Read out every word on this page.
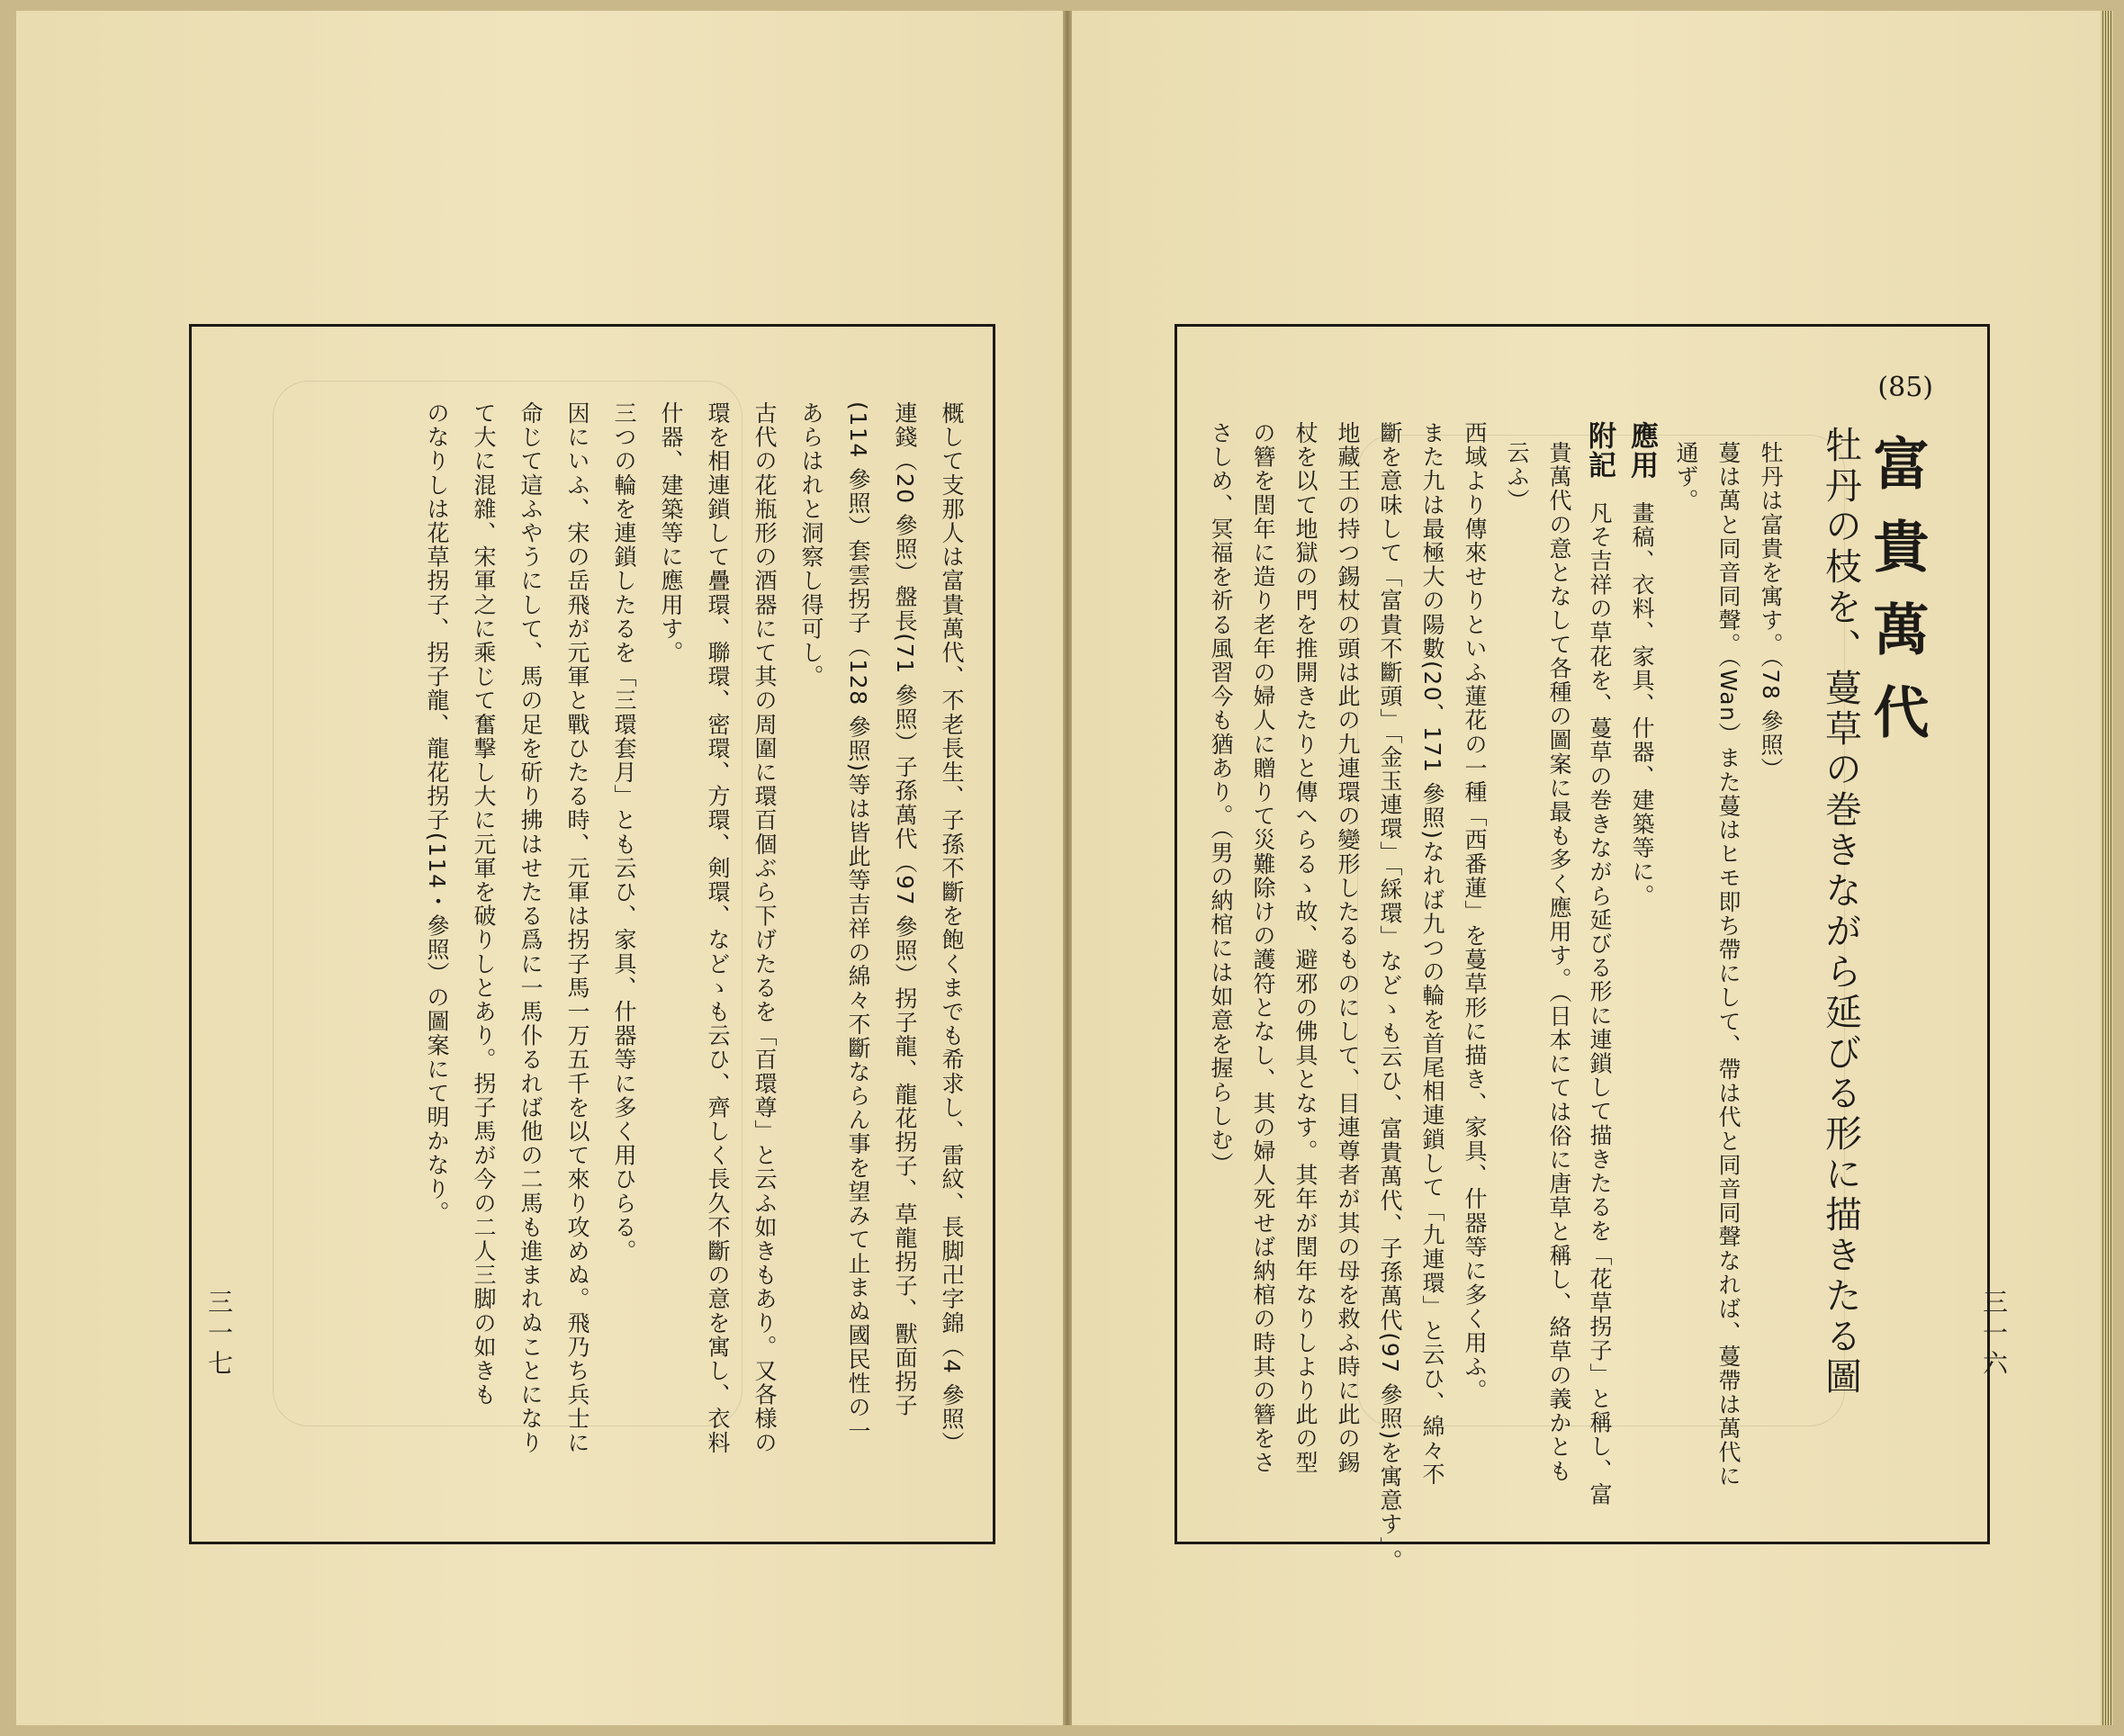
概して支那人は富貴萬代、不老長生、子孫不斷を飽くまでも希求し、雷紋、長脚卍字錦（4 參照）
連錢（20 參照）盤長(71 參照）子孫萬代（97 參照）拐子龍、龍花拐子、草龍拐子、獸面拐子
(114 參照）套雲拐子（128 參照)等は皆此等吉祥の綿々不斷ならん事を望みて止まぬ國民性の一
あらはれと洞察し得可し。
古代の花瓶形の酒器にて其の周圍に環百個ぶら下げたるを「百環尊」と云ふ如きもあり。又各様の
環を相連鎖して疊環、聯環、密環、方環、剣環、などゝも云ひ、齊しく長久不斷の意を寓し、衣料
什器、建築等に應用す。
三つの輪を連鎖したるを「三環套月」とも云ひ、家具、什器等に多く用ひらる。
因にいふ、宋の岳飛が元軍と戰ひたる時、元軍は拐子馬一万五千を以て來り攻めぬ。飛乃ち兵士に
命じて這ふやうにして、馬の足を斫り拂はせたる爲に一馬仆るれば他の二馬も進まれぬことになり
て大に混雜、宋軍之に乘じて奮撃し大に元軍を破りしとあり。拐子馬が今の二人三脚の如きも
のなりしは花草拐子、拐子龍、龍花拐子(114・參照）の圖案にて明かなり。
三一七
(85)
富貴萬代
牡丹の枝を、蔓草の巻きながら延びる形に描きたる圖
牡丹は富貴を寓す。（78 參照）
蔓は萬と同音同聲。（Wan）また蔓はヒモ即ち帶にして、帶は代と同音同聲なれば、蔓帶は萬代に
通ず。
應用 畫稿、衣料、家具、什器、建築等に。
附記 凡そ吉祥の草花を、蔓草の巻きながら延びる形に連鎖して描きたるを「花草拐子」と稱し、富
貴萬代の意となして各種の圖案に最も多く應用す。（日本にては俗に唐草と稱し、絡草の義かとも
云ふ）
西域より傳來せりといふ蓮花の一種「西番蓮」を蔓草形に描き、家具、什器等に多く用ふ。
また九は最極大の陽數(20、171 參照)なれば九つの輪を首尾相連鎖して「九連環」と云ひ、綿々不
斷を意味して「富貴不斷頭」「金玉連環」「綵環」などゝも云ひ、富貴萬代、子孫萬代(97 參照)を寓意す」。
地藏王の持つ錫杖の頭は此の九連環の變形したるものにして、目連尊者が其の母を救ふ時に此の錫
杖を以て地獄の門を推開きたりと傳へらるゝ故、避邪の佛具となす。其年が閏年なりしより此の型
の簪を閏年に造り老年の婦人に贈りて災難除けの護符となし、其の婦人死せば納棺の時其の簪をさ
さしめ、冥福を祈る風習今も猶あり。（男の納棺には如意を握らしむ）
三一六
